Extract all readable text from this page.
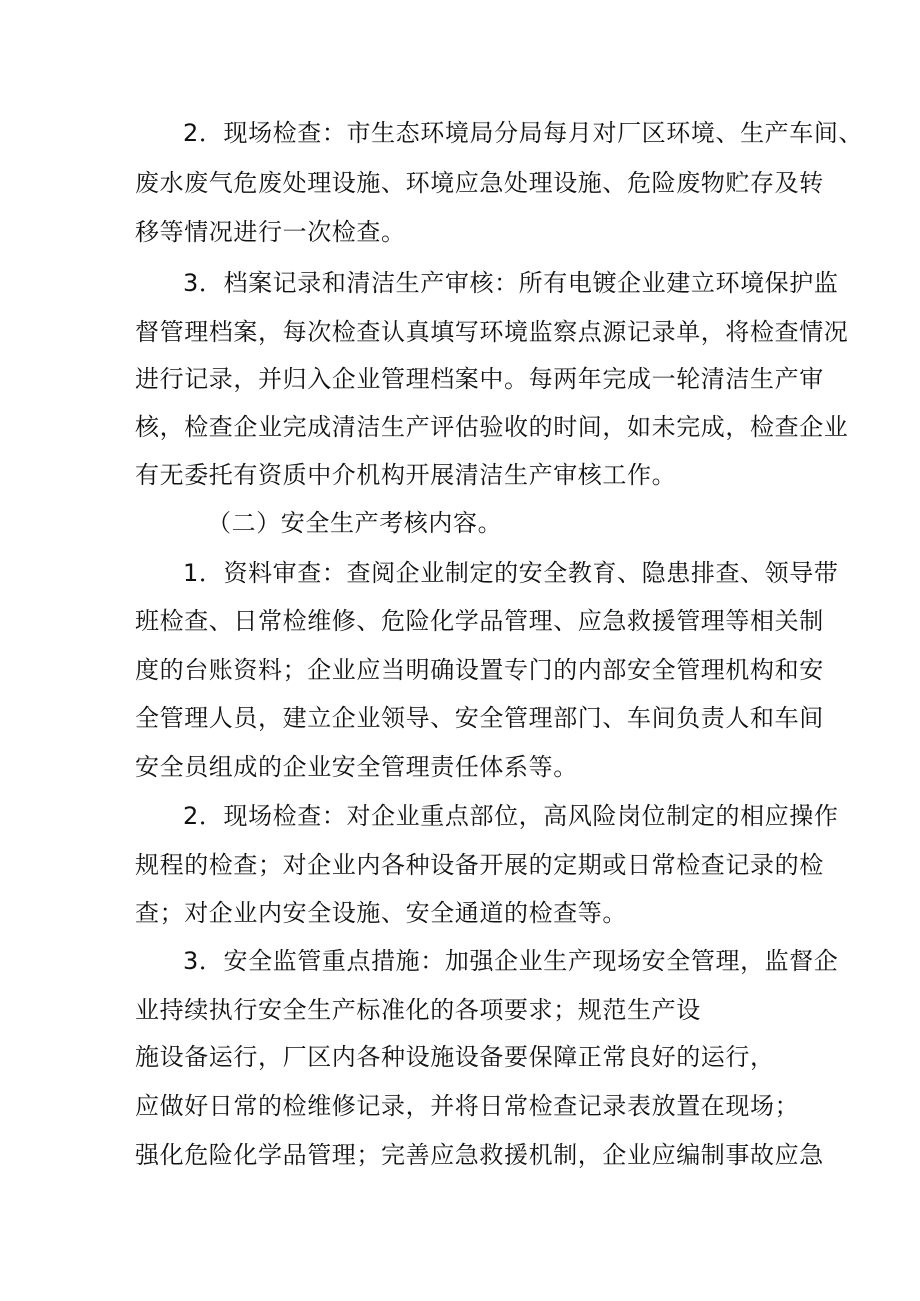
2．现场检查：市生态环境局分局每月对厂区环境、生产车间、
废水废气危废处理设施、环境应急处理设施、危险废物贮存及转
移等情况进行一次检查。
3．档案记录和清洁生产审核：所有电镀企业建立环境保护监
督管理档案，每次检查认真填写环境监察点源记录单，将检查情况
进行记录，并归入企业管理档案中。每两年完成一轮清洁生产审
核，检查企业完成清洁生产评估验收的时间，如未完成，检查企业
有无委托有资质中介机构开展清洁生产审核工作。
（二）安全生产考核内容。
1．资料审查：查阅企业制定的安全教育、隐患排查、领导带
班检查、日常检维修、危险化学品管理、应急救援管理等相关制
度的台账资料；企业应当明确设置专门的内部安全管理机构和安
全管理人员，建立企业领导、安全管理部门、车间负责人和车间
安全员组成的企业安全管理责任体系等。
2．现场检查：对企业重点部位，高风险岗位制定的相应操作
规程的检查；对企业内各种设备开展的定期或日常检查记录的检
查；对企业内安全设施、安全通道的检查等。
3．安全监管重点措施：加强企业生产现场安全管理，监督企
业持续执行安全生产标准化的各项要求；规范生产设
施设备运行，厂区内各种设施设备要保障正常良好的运行，
应做好日常的检维修记录，并将日常检查记录表放置在现场；
强化危险化学品管理；完善应急救援机制，企业应编制事故应急
